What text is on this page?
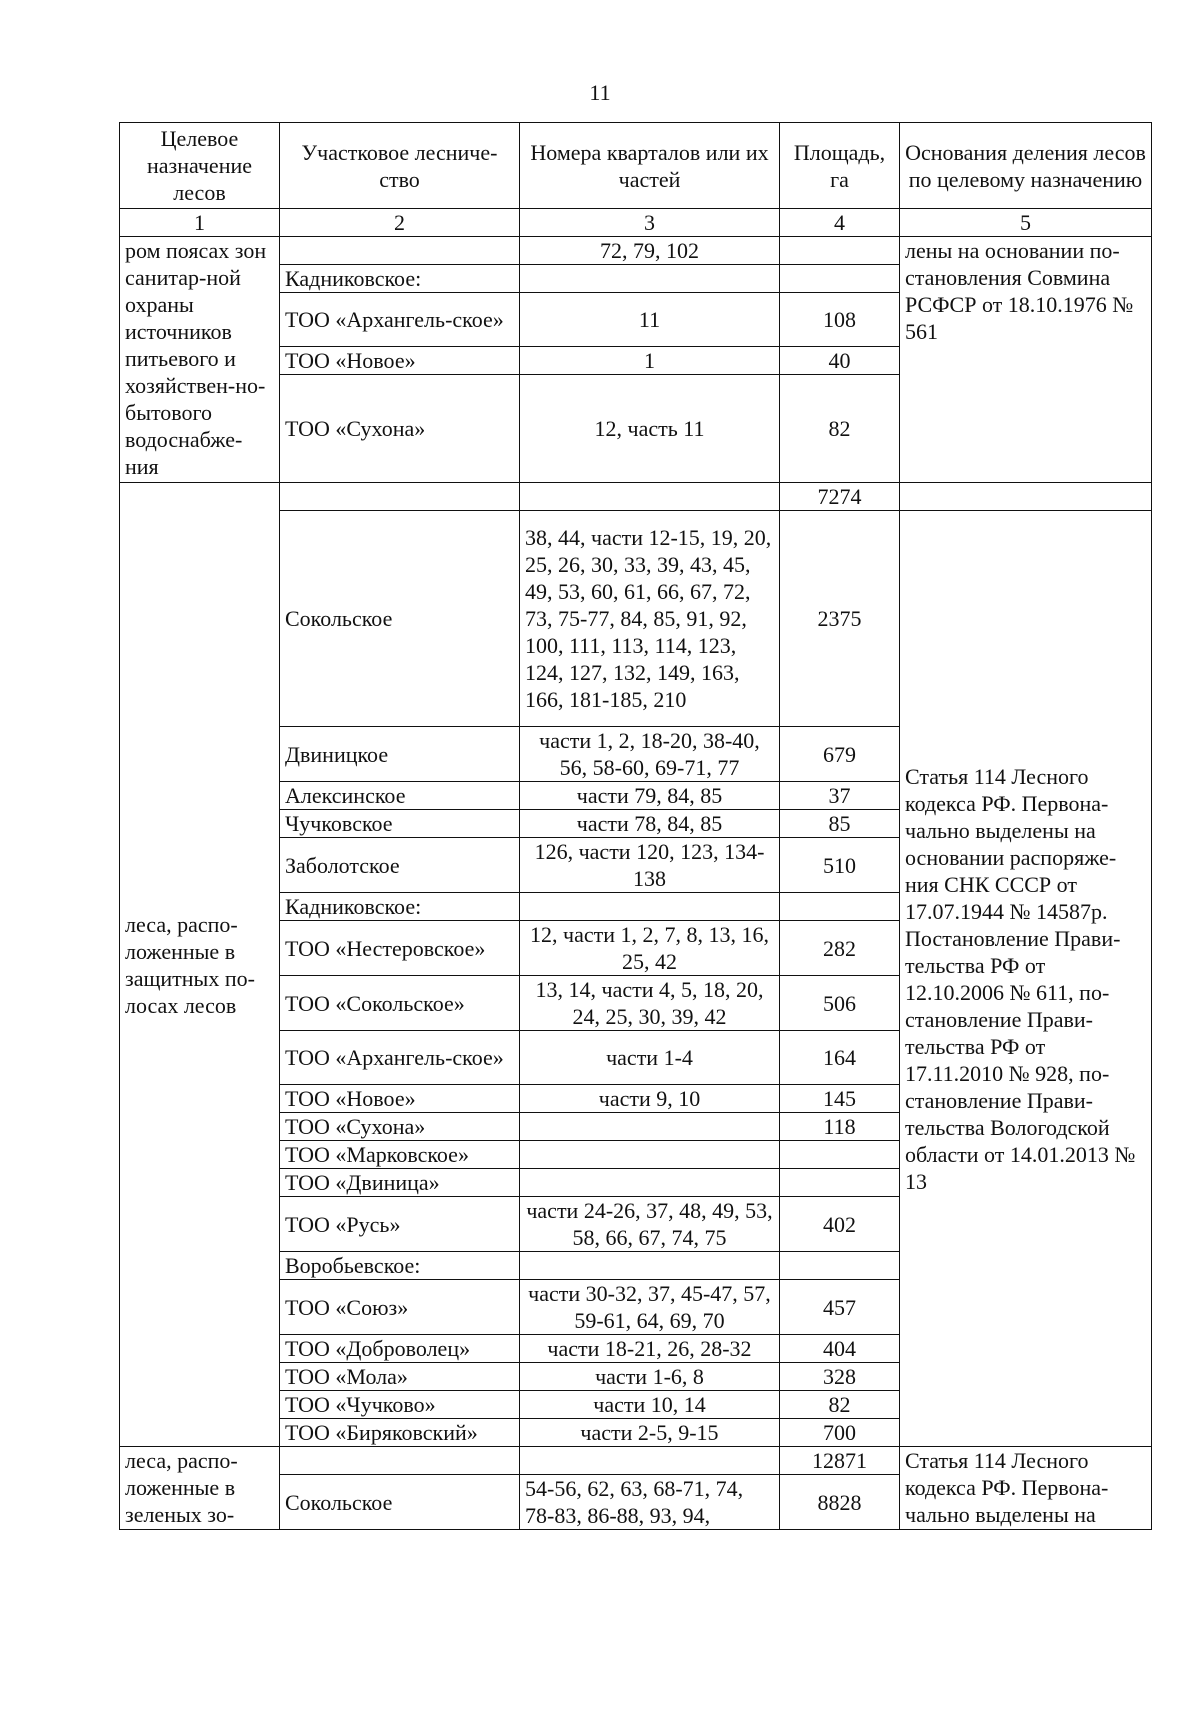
11
Целевое назначение лесов	Участковое лесниче-ство	Номера кварталов или их частей	Площадь, га	Основания деления лесов по целевому назначению
1	2	3	4	5
ром поясах зон санитар-ной охраны источников питьевого и хозяйствен-но-бытового водоснабже-ния		72, 79, 102		лены на основании по-становления Совмина РСФСР от 18.10.1976 № 561
	Кадниковское:			
	ТОО «Архангель-ское»	11	108	
	ТОО «Новое»	1	40	
	ТОО «Сухона»	12, часть 11	82	
леса, распо-ложенные в защитных по-лосах лесов			7274	
	Сокольское	38, 44, части 12-15, 19, 20, 25, 26, 30, 33, 39, 43, 45, 49, 53, 60, 61, 66, 67, 72, 73, 75-77, 84, 85, 91, 92, 100, 111, 113, 114, 123, 124, 127, 132, 149, 163, 166, 181-185, 210	2375	Статья 114 Лесного кодекса РФ. Первона-чально выделены на основании распоряже-ния СНК СССР от 17.07.1944 № 14587р. Постановление Прави-тельства РФ от 12.10.2006 № 611, по-становление Прави-тельства РФ от 17.11.2010 № 928, по-становление Прави-тельства Вологодской области от 14.01.2013 № 13
	Двиницкое	части 1, 2, 18-20, 38-40, 56, 58-60, 69-71, 77	679	
	Алексинское	части 79, 84, 85	37	
	Чучковское	части 78, 84, 85	85	
	Заболотское	126, части 120, 123, 134-138	510	
	Кадниковское:			
	ТОО «Нестеровское»	12, части 1, 2, 7, 8, 13, 16, 25, 42	282	
	ТОО «Сокольское»	13, 14, части 4, 5, 18, 20, 24, 25, 30, 39, 42	506	
	ТОО «Архангель-ское»	части 1-4	164	
	ТОО «Новое»	части 9, 10	145	
	ТОО «Сухона»		118	
	ТОО «Марковское»			
	ТОО «Двиница»			
	ТОО «Русь»	части 24-26, 37, 48, 49, 53, 58, 66, 67, 74, 75	402	
	Воробьевское:			
	ТОО «Союз»	части 30-32, 37, 45-47, 57, 59-61, 64, 69, 70	457	
	ТОО «Доброволец»	части 18-21, 26, 28-32	404	
	ТОО «Мола»	части 1-6, 8	328	
	ТОО «Чучково»	части 10, 14	82	
	ТОО «Биряковский»	части 2-5, 9-15	700	
леса, распо-ложенные в зеленых зо-			12871	Статья 114 Лесного кодекса РФ. Первона-чально выделены на
	Сокольское	54-56, 62, 63, 68-71, 74, 78-83, 86-88, 93, 94,	8828	
